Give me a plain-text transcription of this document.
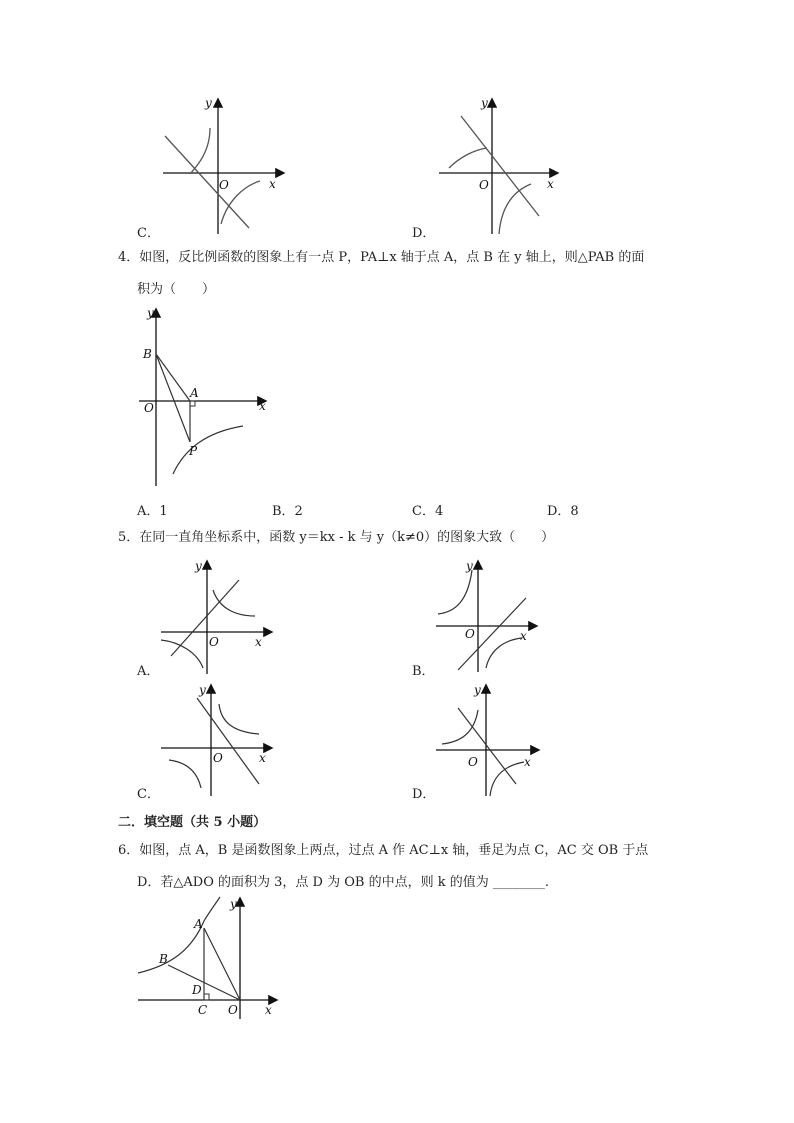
y
x
O
C．
y
x
O
D．
4．如图，反比例函数的图象上有一点 P，PA⊥x 轴于点 A，点 B 在 y 轴上，则△PAB 的面
积为（　　）
y
x
O
B
A
P
A．1	B．2	C．4	D．8
5．在同一直角坐标系中，函数 y＝kx - k 与 y（k≠0）的图象大致（　　）
y
x
O
A．
y
x
O
B．
y
x
O
C．
y
x
O
D．
二．填空题（共 5 小题）
6．如图，点 A，B 是函数图象上两点，过点 A 作 AC⊥x 轴，垂足为点 C，AC 交 OB 于点
D．若△ADO 的面积为 3，点 D 为 OB 的中点，则 k 的值为 ________.
y
x
O
A
B
D
C
